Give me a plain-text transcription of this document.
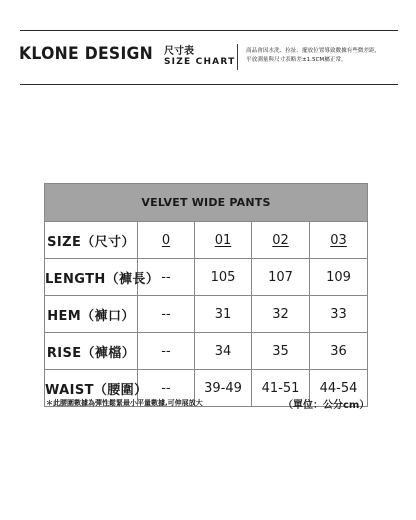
KLONE DESIGN 尺寸表
SIZE CHART
商品會因水洗、拉扯、擺放位置導致數據有些微差距，
平放測量與尺寸表略差±1.5CM屬正常。
VELVET WIDE PANTS				
SIZE（尺寸）	0	01	02	03
LENGTH（褲長）	--	105	107	109
HEM（褲口）	--	31	32	33
RISE（褲檔）	--	34	35	36
WAIST（腰圍）	--	39-49	41-51	44-54
＊此腰圍數據為彈性鬆緊最小平量數據,可伸展放大	（單位：公分cm）
